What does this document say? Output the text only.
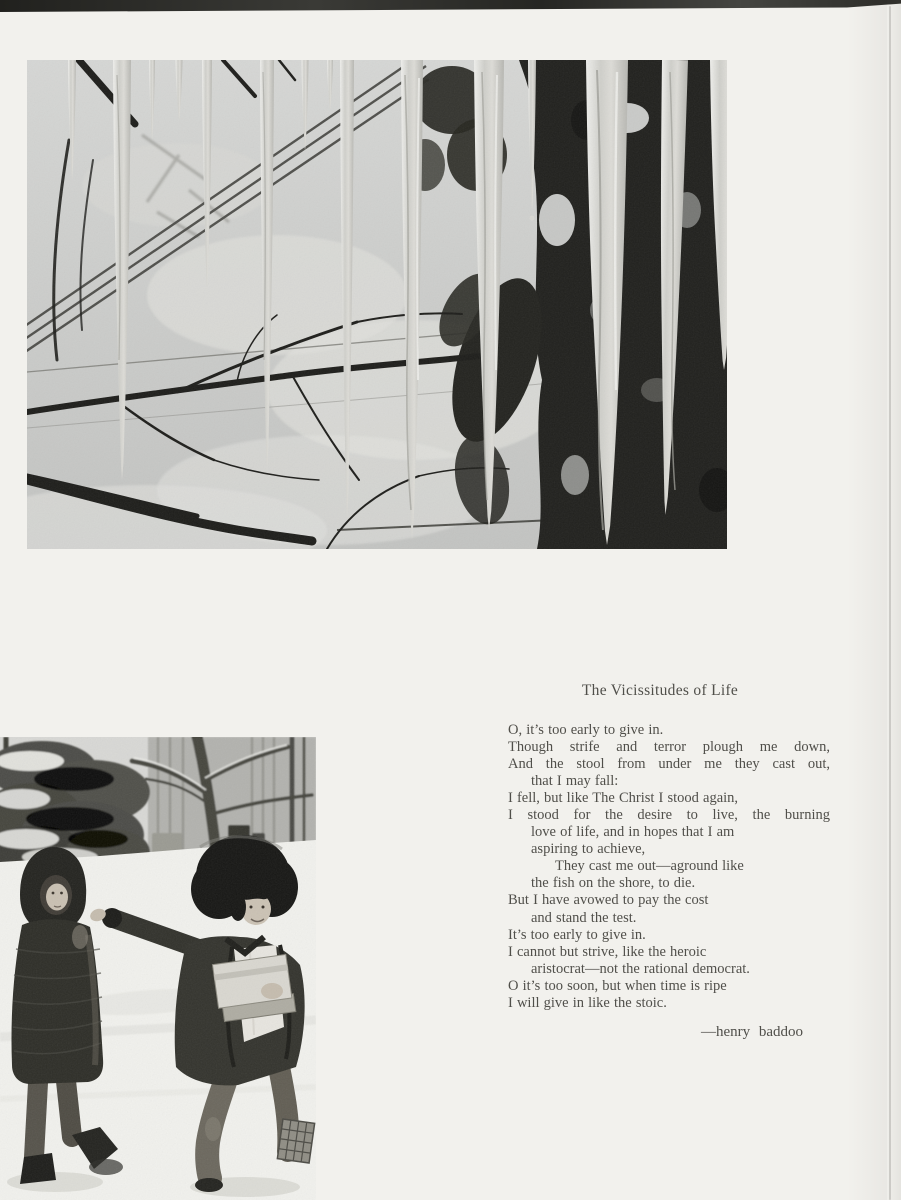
The Vicissitudes of Life
O, it’s too early to give in.
Though strife and terror plough me down,
And the stool from under me they cast out,
that I may fall:
I fell, but like The Christ I stood again,
I stood for the desire to live, the burning
love of life, and in hopes that I am
aspiring to achieve,
They cast me out—aground like
the fish on the shore, to die.
But I have avowed to pay the cost
and stand the test.
It’s too early to give in.
I cannot but strive, like the heroic
aristocrat—not the rational democrat.
O it’s too soon, but when time is ripe
I will give in like the stoic.
—henry baddoo
